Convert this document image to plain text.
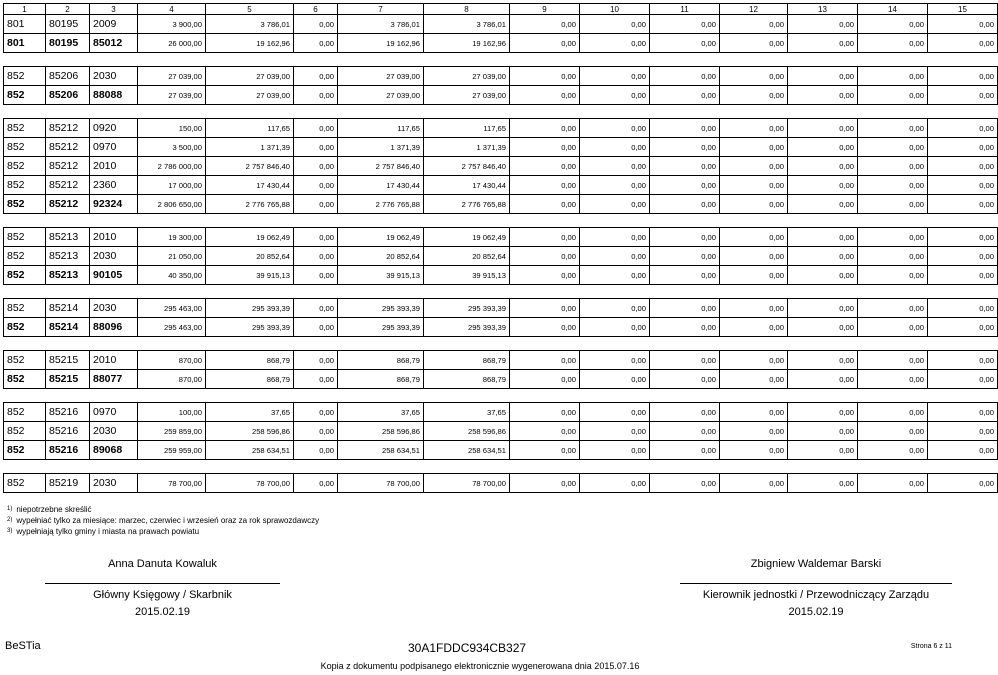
1	2	3	4	5	6	7	8	9	10	11	12	13	14	15
801	80195	2009	3 900,00	3 786,01	0,00	3 786,01	3 786,01	0,00	0,00	0,00	0,00	0,00	0,00	0,00
801	80195	85012	26 000,00	19 162,96	0,00	19 162,96	19 162,96	0,00	0,00	0,00	0,00	0,00	0,00	0,00

852	85206	2030	27 039,00	27 039,00	0,00	27 039,00	27 039,00	0,00	0,00	0,00	0,00	0,00	0,00	0,00
852	85206	88088	27 039,00	27 039,00	0,00	27 039,00	27 039,00	0,00	0,00	0,00	0,00	0,00	0,00	0,00

852	85212	0920	150,00	117,65	0,00	117,65	117,65	0,00	0,00	0,00	0,00	0,00	0,00	0,00
852	85212	0970	3 500,00	1 371,39	0,00	1 371,39	1 371,39	0,00	0,00	0,00	0,00	0,00	0,00	0,00
852	85212	2010	2 786 000,00	2 757 846,40	0,00	2 757 846,40	2 757 846,40	0,00	0,00	0,00	0,00	0,00	0,00	0,00
852	85212	2360	17 000,00	17 430,44	0,00	17 430,44	17 430,44	0,00	0,00	0,00	0,00	0,00	0,00	0,00
852	85212	92324	2 806 650,00	2 776 765,88	0,00	2 776 765,88	2 776 765,88	0,00	0,00	0,00	0,00	0,00	0,00	0,00

852	85213	2010	19 300,00	19 062,49	0,00	19 062,49	19 062,49	0,00	0,00	0,00	0,00	0,00	0,00	0,00
852	85213	2030	21 050,00	20 852,64	0,00	20 852,64	20 852,64	0,00	0,00	0,00	0,00	0,00	0,00	0,00
852	85213	90105	40 350,00	39 915,13	0,00	39 915,13	39 915,13	0,00	0,00	0,00	0,00	0,00	0,00	0,00

852	85214	2030	295 463,00	295 393,39	0,00	295 393,39	295 393,39	0,00	0,00	0,00	0,00	0,00	0,00	0,00
852	85214	88096	295 463,00	295 393,39	0,00	295 393,39	295 393,39	0,00	0,00	0,00	0,00	0,00	0,00	0,00

852	85215	2010	870,00	868,79	0,00	868,79	868,79	0,00	0,00	0,00	0,00	0,00	0,00	0,00
852	85215	88077	870,00	868,79	0,00	868,79	868,79	0,00	0,00	0,00	0,00	0,00	0,00	0,00

852	85216	0970	100,00	37,65	0,00	37,65	37,65	0,00	0,00	0,00	0,00	0,00	0,00	0,00
852	85216	2030	259 859,00	258 596,86	0,00	258 596,86	258 596,86	0,00	0,00	0,00	0,00	0,00	0,00	0,00
852	85216	89068	259 959,00	258 634,51	0,00	258 634,51	258 634,51	0,00	0,00	0,00	0,00	0,00	0,00	0,00

852	85219	2030	78 700,00	78 700,00	0,00	78 700,00	78 700,00	0,00	0,00	0,00	0,00	0,00	0,00	0,00
$^{1)}$ niepotrzebne skreślić
$^{2)}$ wypełniać tylko za miesiące: marzec, czerwiec i wrzesień oraz za rok sprawozdawczy
$^{3)}$ wypełniają tylko gminy i miasta na prawach powiatu
Anna Danuta Kowaluk
Główny Księgowy / Skarbnik
2015.02.19
Zbigniew Waldemar Barski
Kierownik jednostki / Przewodniczący Zarządu
2015.02.19
BeSTia	30A1FDDC934CB327	Strona 6 z 11
Kopia z dokumentu podpisanego elektronicznie wygenerowana dnia 2015.07.16
